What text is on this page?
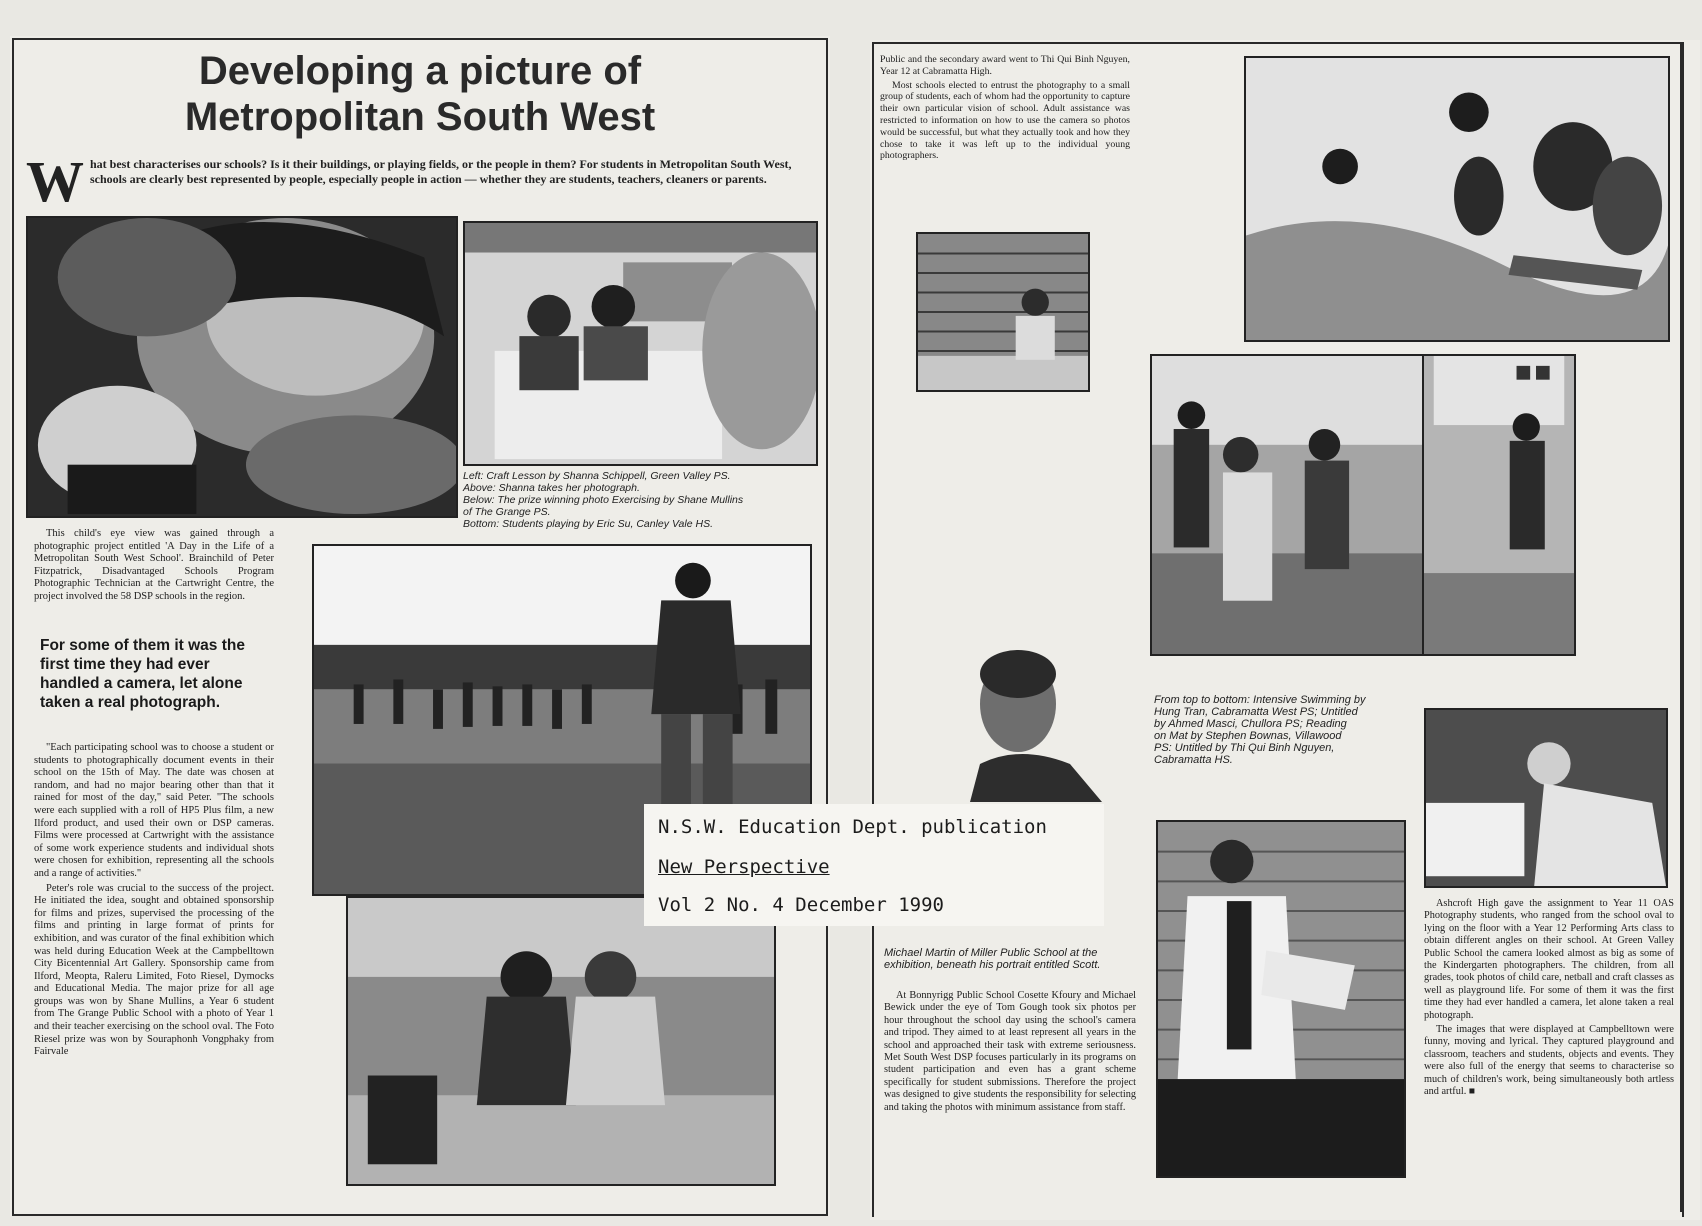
Developing a picture of
Metropolitan South West
W hat best characterises our schools? Is it their buildings, or playing fields, or the people in them? For students in Metropolitan South West, schools are clearly best represented by people, especially people in action — whether they are students, teachers, cleaners or parents.
Left: Craft Lesson by Shanna Schippell, Green Valley PS.
Above: Shanna takes her photograph.
Below: The prize winning photo Exercising by Shane Mullins
of The Grange PS.
Bottom: Students playing by Eric Su, Canley Vale HS.

This child's eye view was gained through a photographic project entitled 'A Day in the Life of a Metropolitan South West School'. Brainchild of Peter Fitzpatrick, Disadvantaged Schools Program Photographic Technician at the Cartwright Centre, the project involved the 58 DSP schools in the region.

For some of them it was the first time they had ever handled a camera, let alone taken a real photograph.

"Each participating school was to choose a student or students to photographically document events in their school on the 15th of May. The date was chosen at random, and had no major bearing other than that it rained for most of the day," said Peter. "The schools were each supplied with a roll of HP5 Plus film, a new Ilford product, and used their own or DSP cameras. Films were processed at Cartwright with the assistance of some work experience students and individual shots were chosen for exhibition, representing all the schools and a range of activities."

Peter's role was crucial to the success of the project. He initiated the idea, sought and obtained sponsorship for films and prizes, supervised the processing of the films and printing in large format of prints for exhibition, and was curator of the final exhibition which was held during Education Week at the Campbelltown City Bicentennial Art Gallery. Sponsorship came from Ilford, Meopta, Raleru Limited, Foto Riesel, Dymocks and Educational Media. The major prize for all age groups was won by Shane Mullins, a Year 6 student from The Grange Public School with a photo of Year 1 and their teacher exercising on the school oval. The Foto Riesel prize was won by Souraphonh Vongphaky from Fairvale

Public and the secondary award went to Thi Qui Binh Nguyen, Year 12 at Cabramatta High.

Most schools elected to entrust the photography to a small group of students, each of whom had the opportunity to capture their own particular vision of school. Adult assistance was restricted to information on how to use the camera so photos would be successful, but what they actually took and how they chose to take it was left up to the individual young photographers.

From top to bottom: Intensive Swimming by
Hung Tran, Cabramatta West PS; Untitled
by Ahmed Masci, Chullora PS; Reading
on Mat by Stephen Bownas, Villawood
PS: Untitled by Thi Qui Binh Nguyen,
Cabramatta HS.
Michael Martin of Miller Public School at the exhibition, beneath his portrait entitled Scott.

At Bonnyrigg Public School Cosette Kfoury and Michael Bewick under the eye of Tom Gough took six photos per hour throughout the school day using the school's camera and tripod. They aimed to at least represent all years in the school and approached their task with extreme seriousness. Met South West DSP focuses particularly in its programs on student participation and even has a grant scheme specifically for student submissions. Therefore the project was designed to give students the responsibility for selecting and taking the photos with minimum assistance from staff.

Ashcroft High gave the assignment to Year 11 OAS Photography students, who ranged from the school oval to lying on the floor with a Year 12 Performing Arts class to obtain different angles on their school. At Green Valley Public School the camera looked almost as big as some of the Kindergarten photographers. The children, from all grades, took photos of child care, netball and craft classes as well as playground life. For some of them it was the first time they had ever handled a camera, let alone taken a real photograph.

The images that were displayed at Campbelltown were funny, moving and lyrical. They captured playground and classroom, teachers and students, objects and events. They were also full of the energy that seems to characterise so much of children's work, being simultaneously both artless and artful. ■

N.S.W. Education Dept. publication
New Perspective
Vol 2 No. 4 December 1990
